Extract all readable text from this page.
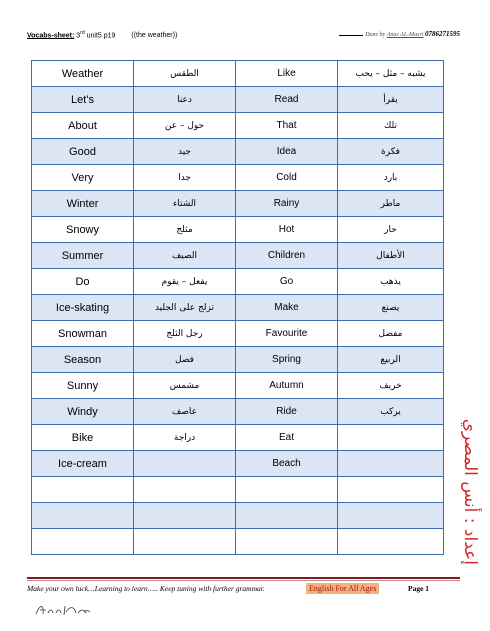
Vocabs-sheet: 3rd unit5 p19 ((the weather))	Done by Anas AL-Masri 0786271595
Weather	الطقس	Like	يشبه – مثل – يحب
Let's	دعنا	Read	يقرأ
About	حول – عن	That	تلك
Good	جيد	Idea	فكرة
Very	جدا	Cold	بارد
Winter	الشتاء	Rainy	ماطر
Snowy	مثلج	Hot	حار
Summer	الصيف	Children	الأطفال
Do	يفعل – يقوم	Go	يذهب
Ice-skating	تزلج على الجليد	Make	يصنع
Snowman	رجل الثلج	Favourite	مفضل
Season	فصل	Spring	الربيع
Sunny	مشمس	Autumn	خريف
Windy	عاصف	Ride	يركب
Bike	دراجة	Eat	
Ice-cream		Beach	

				إعداد : أنس المصري
Make your own luck…Learning to learn….. Keep tuning with further grammar.	English For All Ages	Page 1
